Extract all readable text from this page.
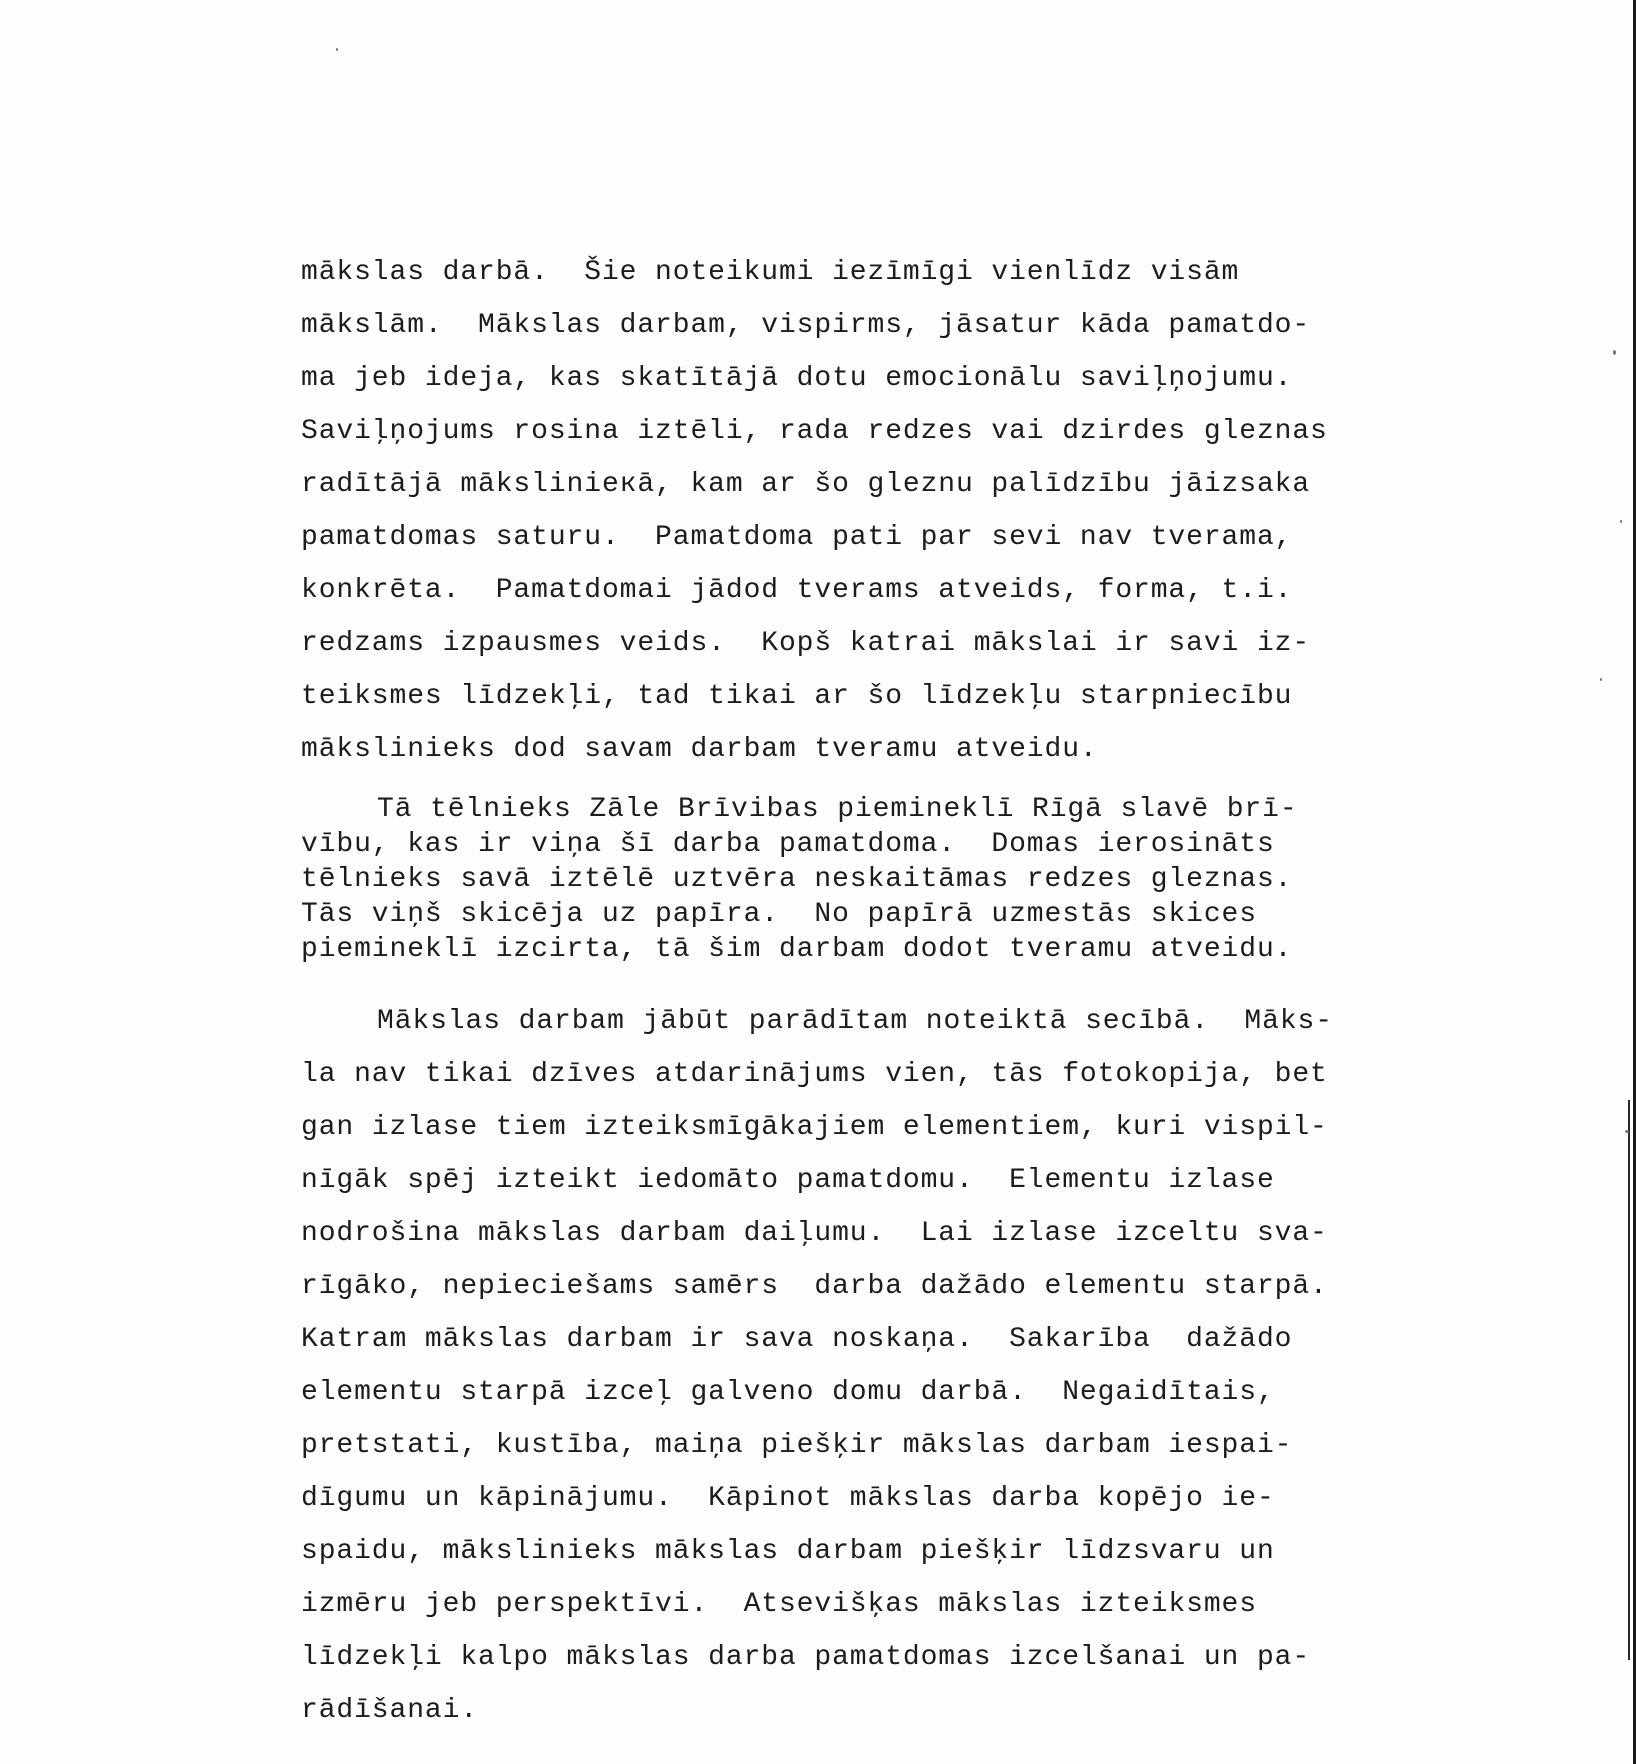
mākslas darbā.  Šie noteikumi iezīmīgi vienlīdz visām
mākslām.  Mākslas darbam, vispirms, jāsatur kāda pamatdo-
ma jeb ideja, kas skatītājā dotu emocionālu saviļņojumu.
Saviļņojums rosina iztēli, rada redzes vai dzirdes gleznas
radītājā mākslinieкā, kam ar šo gleznu palīdzību jāizsaka
pamatdomas saturu.  Pamatdoma pati par sevi nav tverama,
konkrēta.  Pamatdomai jādod tverams atveids, forma, t.i.
redzams izpausmes veids.  Kopš katrai mākslai ir savi iz-
teiksmes līdzekļi, tad tikai ar šo līdzekļu starpniecību
mākslinieks dod savam darbam tveramu atveidu.
Tā tēlnieks Zāle Brīvibas piemineklī Rīgā slavē brī-
vību, kas ir viņa šī darba pamatdoma.  Domas ierosināts
tēlnieks savā iztēlē uztvēra neskaitāmas redzes gleznas.
Tās viņš skicēja uz papīra.  No papīrā uzmestās skices
piemineklī izcirta, tā šim darbam dodot tveramu atveidu.
Mākslas darbam jābūt parādītam noteiktā secībā.  Māks-
la nav tikai dzīves atdarinājums vien, tās fotokopija, bet
gan izlase tiem izteiksmīgākajiem elementiem, kuri vispil-
nīgāk spēj izteikt iedomāto pamatdomu.  Elementu izlase
nodrošina mākslas darbam daiļumu.  Lai izlase izceltu sva-
rīgāko, nepieciešams samērs  darba dažādo elementu starpā.
Katram mākslas darbam ir sava noskaņa.  Sakarība  dažādo
elementu starpā izceļ galveno domu darbā.  Negaidītais,
pretstati, kustība, maiņa piešķir mākslas darbam iespai-
dīgumu un kāpinājumu.  Kāpinot mākslas darba kopējo ie-
spaidu, mākslinieks mākslas darbam piešķir līdzsvaru un
izmēru jeb perspektīvi.  Atsevišķas mākslas izteiksmes
līdzekļi kalpo mākslas darba pamatdomas izcelšanai un pa-
rādīšanai.
